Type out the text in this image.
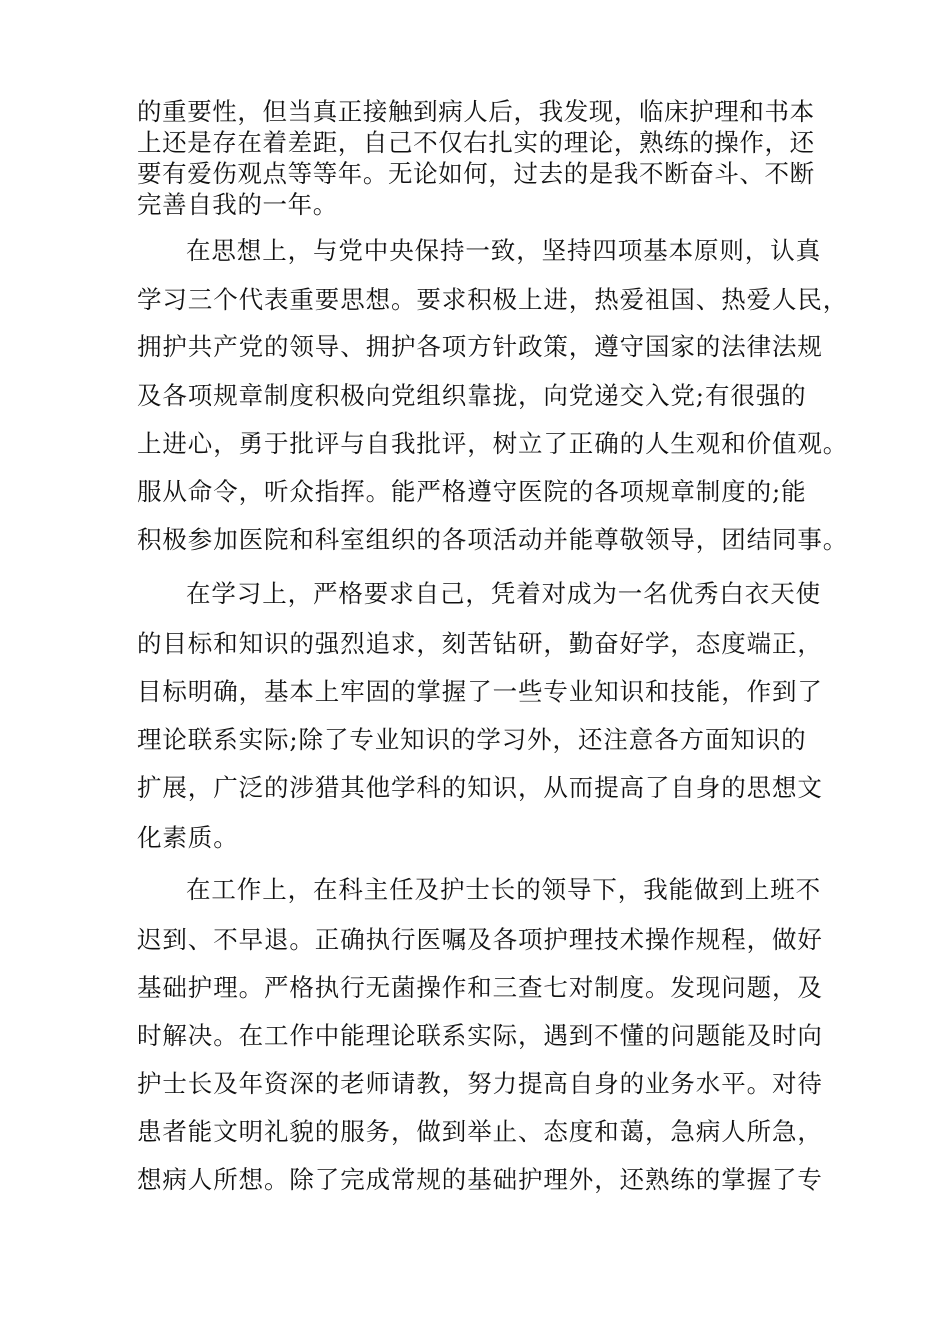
的重要性，但当真正接触到病人后，我发现，临床护理和书本

上还是存在着差距，自己不仅右扎实的理论，熟练的操作，还

要有爱伤观点等等年。无论如何，过去的是我不断奋斗、不断

完善自我的一年。

在思想上，与党中央保持一致，坚持四项基本原则，认真

学习三个代表重要思想。要求积极上进，热爱祖国、热爱人民，

拥护共产党的领导、拥护各项方针政策，遵守国家的法律法规

及各项规章制度积极向党组织靠拢，向党递交入党;有很强的

上进心，勇于批评与自我批评，树立了正确的人生观和价值观。

服从命令，听众指挥。能严格遵守医院的各项规章制度的;能

积极参加医院和科室组织的各项活动并能尊敬领导，团结同事。

在学习上，严格要求自己，凭着对成为一名优秀白衣天使

的目标和知识的强烈追求，刻苦钻研，勤奋好学，态度端正，

目标明确，基本上牢固的掌握了一些专业知识和技能，作到了

理论联系实际;除了专业知识的学习外，还注意各方面知识的

扩展，广泛的涉猎其他学科的知识，从而提高了自身的思想文

化素质。

在工作上，在科主任及护士长的领导下，我能做到上班不

迟到、不早退。正确执行医嘱及各项护理技术操作规程，做好

基础护理。严格执行无菌操作和三查七对制度。发现问题，及

时解决。在工作中能理论联系实际，遇到不懂的问题能及时向

护士长及年资深的老师请教，努力提高自身的业务水平。对待

患者能文明礼貌的服务，做到举止、态度和蔼，急病人所急，

想病人所想。除了完成常规的基础护理外，还熟练的掌握了专
